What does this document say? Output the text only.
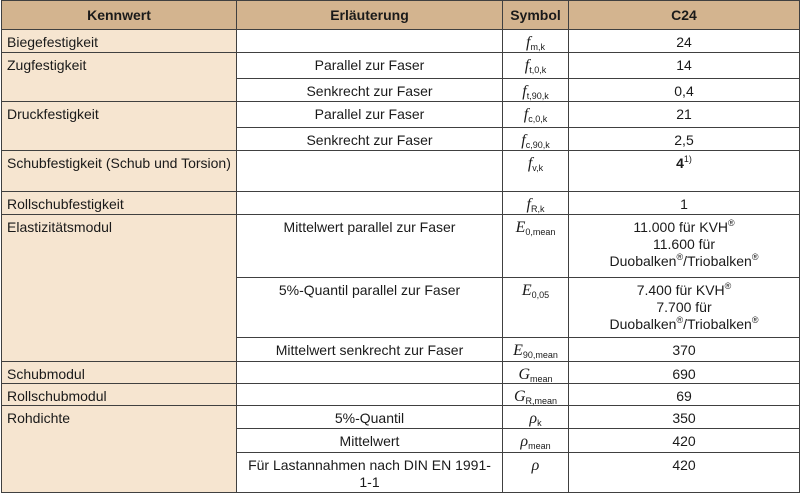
Kennwert	Erläuterung	Symbol	C24
Biegefestigkeit		$f_{m,k}$	24
Zugfestigkeit	Parallel zur Faser	$f_{t,0,k}$	14
	Senkrecht zur Faser	$f_{t,90,k}$	0,4
Druckfestigkeit	Parallel zur Faser	$f_{c,0,k}$	21
	Senkrecht zur Faser	$f_{c,90,k}$	2,5
Schubfestigkeit (Schub und Torsion)		$f_{v,k}$	4$^{1)}$
Rollschubfestigkeit		$f_{R,k}$	1
Elastizitätsmodul	Mittelwert parallel zur Faser	$E_{0,mean}$	11.000 für KVH®
11.600 für
Duobalken®/Triobalken®

	5%-Quantil parallel zur Faser	$E_{0,05}$	7.400 für KVH®
7.700 für
Duobalken®/Triobalken®

	Mittelwert senkrecht zur Faser	$E_{90,mean}$	370
Schubmodul		$G_{mean}$	690
Rollschubmodul		$G_{R,mean}$	69
Rohdichte	5%-Quantil	$\rho_k$	350
	Mittelwert	$\rho_{mean}$	420
	Für Lastannahmen nach DIN EN 1991-1-1	ρ	420
